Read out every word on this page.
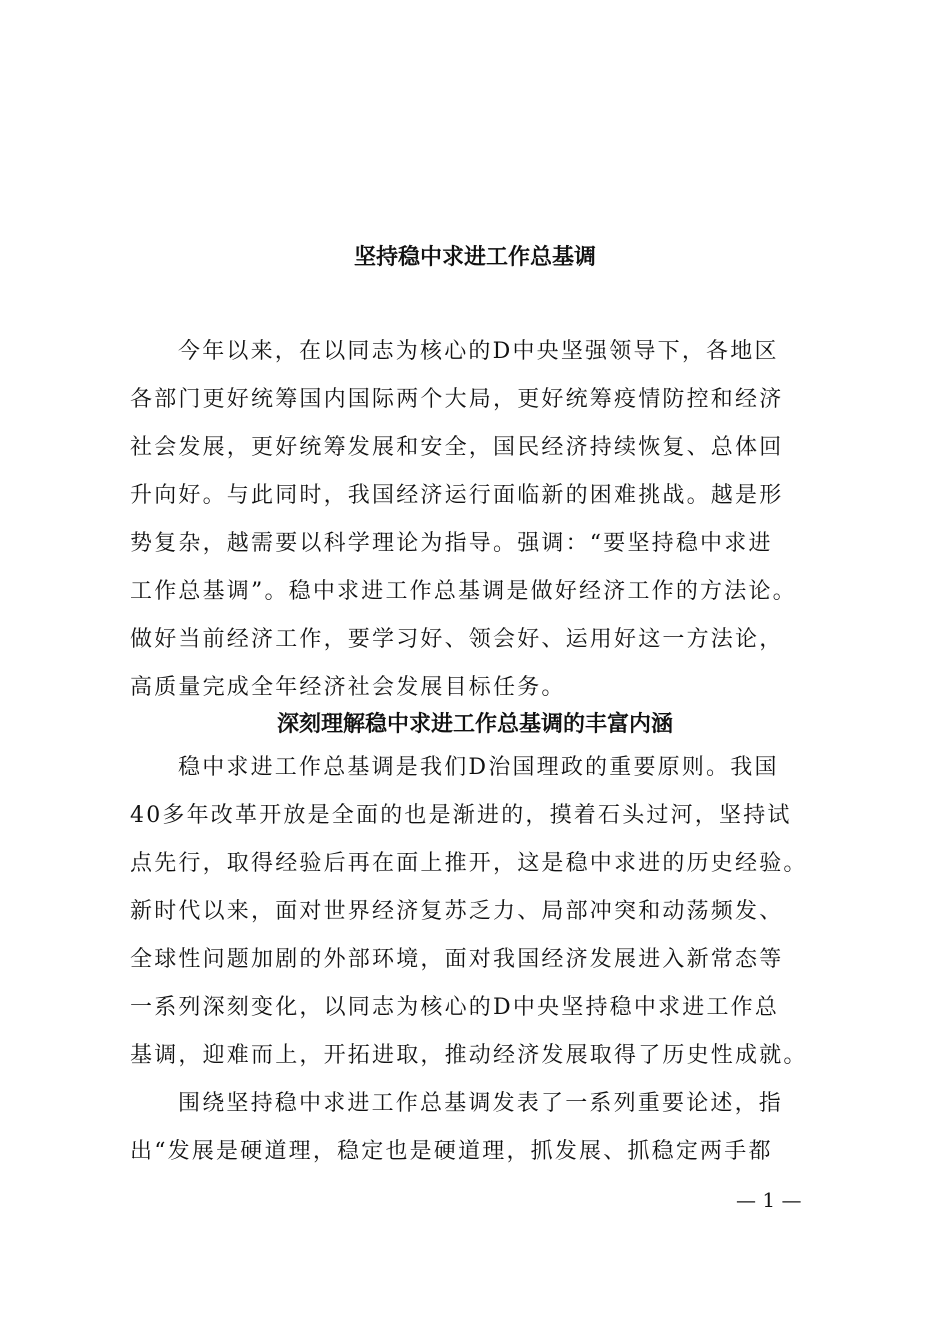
坚持稳中求进工作总基调
今年以来，在以同志为核心的D中央坚强领导下，各地区
各部门更好统筹国内国际两个大局，更好统筹疫情防控和经济
社会发展，更好统筹发展和安全，国民经济持续恢复、总体回
升向好。与此同时，我国经济运行面临新的困难挑战。越是形
势复杂，越需要以科学理论为指导。强调：“要坚持稳中求进
工作总基调”。稳中求进工作总基调是做好经济工作的方法论。
做好当前经济工作，要学习好、领会好、运用好这一方法论，
高质量完成全年经济社会发展目标任务。
深刻理解稳中求进工作总基调的丰富内涵
稳中求进工作总基调是我们D治国理政的重要原则。我国
40多年改革开放是全面的也是渐进的，摸着石头过河，坚持试
点先行，取得经验后再在面上推开，这是稳中求进的历史经验。
新时代以来，面对世界经济复苏乏力、局部冲突和动荡频发、
全球性问题加剧的外部环境，面对我国经济发展进入新常态等
一系列深刻变化，以同志为核心的D中央坚持稳中求进工作总
基调，迎难而上，开拓进取，推动经济发展取得了历史性成就。
围绕坚持稳中求进工作总基调发表了一系列重要论述，指
出“发展是硬道理，稳定也是硬道理，抓发展、抓稳定两手都
— 1 —
